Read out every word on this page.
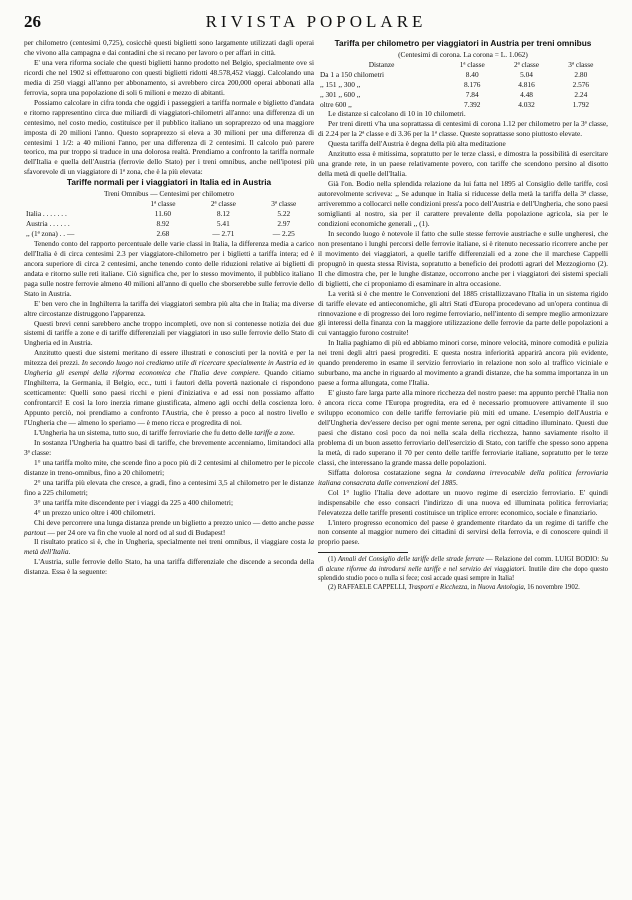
26	RIVISTA POPOLARE

per chilometro (centesimi 0,725), cosicchè questi biglietti sono largamente utilizzati dagli operai che vivono alla campagna e dai contadini che si recano per lavoro o per affari in città.

E' una vera riforma sociale che questi biglietti hanno prodotto nel Belgio, specialmente ove si ricordi che nel 1902 si effettuarono con questi biglietti ridotti 48.578,452 viaggi. Calcolando una media di 250 viaggi all'anno per abbonamento, si avrebbero circa 200,000 operai abbonati alla ferrovia, sopra una popolazione di soli 6 milioni e mezzo di abitanti.

Possiamo calcolare in cifra tonda che oggidì i passeggieri a tariffa normale e biglietto d'andata e ritorno rappresentino circa due miliardi di viaggiatori-chilometri all'anno: una differenza di un centesimo, nel costo medio, costituisce per il pubblico italiano un sopraprezzo od una maggiore imposta di 20 milioni l'anno. Questo sopraprezzo si eleva a 30 milioni per una differenza di centesimi 1 1/2: a 40 milioni l'anno, per una differenza di 2 centesimi. Il calcolo può parere teorico, ma pur troppo si traduce in una dolorosa realtà. Prendiamo a confronto la tariffa normale dell'Italia e quella dell'Austria (ferrovie dello Stato) per i treni omnibus, anche nell'ipotesi più sfavorevole di un viaggiatore di 1ª zona, che è la più elevata:

Tariffe normali per i viaggiatori in Italia ed in Austria
Treni Omnibus — Centesimi per chilometro
	1ª classe	2ª classe	3ª classe
Italia . . . . . . .	11.60	8.12	5.22
Austria . . . . . .	8.92	5.41	2.97
,, (1ª zona) . . —	2.68	— 2.71	— 2.25

Tenendo conto del rapporto percentuale delle varie classi in Italia, la differenza media a carico dell'Italia è di circa centesimi 2.3 per viaggiatore-chilometro per i biglietti a tariffa intera; ed è ancora superiore di circa 2 centesimi, anche tenendo conto delle riduzioni relative ai biglietti di andata e ritorno sulle reti italiane. Ciò significa che, per lo stesso movimento, il pubblico italiano paga sulle nostre ferrovie almeno 40 milioni all'anno di quello che sborserebbe sulle ferrovie dello Stato in Austria.

E' ben vero che in Inghilterra la tariffa dei viaggiatori sembra più alta che in Italia; ma diverse altre circostanze distruggono l'apparenza.

Questi brevi cenni sarebbero anche troppo incompleti, ove non si contenesse notizia dei due sistemi di tariffe a zone e di tariffe differenziali per viaggiatori in uso sulle ferrovie dello Stato di Ungheria ed in Austria.

Anzitutto questi due sistemi meritano di essere illustrati e conosciuti per la novità e per la mitezza dei prezzi. In secondo luogo noi crediamo utile di ricercare specialmente in Austria ed in Ungheria gli esempi della riforma economica che l'Italia deve compiere. Quando citiamo l'Inghilterra, la Germania, il Belgio, ecc., tutti i fautori della povertà nazionale ci rispondono scetticamente: Quelli sono paesi ricchi e pieni d'iniziativa e ad essi non possiamo affatto confrontarci! E così la loro inerzia rimane giustificata, almeno agli occhi della coscienza loro. Appunto perciò, noi prendiamo a confronto l'Austria, che è presso a poco al nostro livello e l'Ungheria che — almeno lo speriamo — è meno ricca e progredita di noi.

L'Ungheria ha un sistema, tutto suo, di tariffe ferroviarie che fu detto delle tariffe a zone.

In sostanza l'Ungheria ha quattro basi di tariffe, che brevemente accenniamo, limitandoci alla 3ª classe:

1° una tariffa molto mite, che scende fino a poco più di 2 centesimi al chilometro per le piccole distanze in treno-omnibus, fino a 20 chilometri;

2° una tariffa più elevata che cresce, a gradi, fino a centesimi 3,5 al chilometro per le distanze fino a 225 chilometri;

3° una tariffa mite discendente per i viaggi da 225 a 400 chilometri;

4° un prezzo unico oltre i 400 chilometri.

Chi deve percorrere una lunga distanza prende un biglietto a prezzo unico — detto anche passe partout — per 24 ore va fin che vuole al nord od al sud di Budapest!

Il risultato pratico si è, che in Ungheria, specialmente nei treni omnibus, il viaggiare costa la metà dell'Italia.

L'Austria, sulle ferrovie dello Stato, ha una tariffa differenziale che discende a seconda della distanza. Essa è la seguente:

Tariffa per chilometro per viaggiatori in Austria per treni omnibus
(Centesimi di corona. La corona = L. 1.062)
Distanze	1ª classe	2ª classe	3ª classe
Da 1 a 150 chilometri	8.40	5.04	2.80
,, 151 ,, 300 ,,	8.176	4.816	2.576
,, 301 ,, 600 ,,	7.84	4.48	2.24
oltre 600 ,,	7.392	4.032	1.792

Le distanze si calcolano di 10 in 10 chilometri.

Per treni diretti v'ha una soprattassa di centesimi di corona 1.12 per chilometro per la 3ª classe, di 2.24 per la 2ª classe e di 3.36 per la 1ª classe. Queste soprattasse sono piuttosto elevate.

Questa tariffa dell'Austria è degna della più alta meditazione

Anzitutto essa è mitissima, sopratutto per le terze classi, e dimostra la possibilità di esercitare una grande rete, in un paese relativamente povero, con tariffe che scendono persino al disotto della metà di quelle dell'Italia.

Già l'on. Bodio nella splendida relazione da lui fatta nel 1895 al Consiglio delle tariffe, così autorevolmente scriveva: ,, Se adunque in Italia si riducesse della metà la tariffa della 3ª classe, arriveremmo a collocarci nelle condizioni press'a poco dell'Austria e dell'Ungheria, che sono paesi somiglianti al nostro, sia per il carattere prevalente della popolazione agricola, sia per le condizioni economiche generali ,, (1).

In secondo luogo è notevole il fatto che sulle stesse ferrovie austriache e sulle ungheresi, che non presentano i lunghi percorsi delle ferrovie italiane, si è ritenuto necessario ricorrere anche per il movimento dei viaggiatori, a quelle tariffe differenziali ed a zone che il marchese Cappelli propugnò in questa stessa Rivista, sopratutto a beneficio dei prodotti agrari del Mezzogiorno (2). Il che dimostra che, per le lunghe distanze, occorrono anche per i viaggiatori dei sistemi speciali di biglietti, che ci proponiamo di esaminare in altra occasione.

La verità si è che mentre le Convenzioni del 1885 cristallizzavano l'Italia in un sistema rigido di tariffe elevate ed antieconomiche, gli altri Stati d'Europa procedevano ad un'opera continua di rinnovazione e di progresso dei loro regime ferroviario, nell'intento di sempre meglio armonizzare gli interessi della finanza con la maggiore utilizzazione delle ferrovie da parte delle popolazioni a cui vantaggio furono costruite!

In Italia paghiamo di più ed abbiamo minori corse, minore velocità, minore comodità e pulizia nei treni degli altri paesi progrediti. E questa nostra inferiorità apparirà ancora più evidente, quando prenderemo in esame il servizio ferroviario in relazione non solo al traffico viciniale e suburbano, ma anche in riguardo al movimento a grandi distanze, che ha somma importanza in un paese a forma allungata, come l'Italia.

E' giusto fare larga parte alla minore ricchezza del nostro paese: ma appunto perchè l'Italia non è ancora ricca come l'Europa progredita, era ed è necessario promuovere attivamente il suo sviluppo economico con delle tariffe ferroviarie più miti ed umane. L'esempio dell'Austria e dell'Ungheria dev'essere deciso per ogni mente serena, per ogni cittadino illuminato. Questi due paesi che distano così poco da noi nella scala della ricchezza, hanno saviamente risolto il problema di un buon assetto ferroviario dell'esercizio di Stato, con tariffe che spesso sono appena la metà, di rado superano il 70 per cento delle tariffe ferroviarie italiane, sopratutto per le terze classi, che interessano la grande massa delle popolazioni.

Siffatta dolorosa costatazione segna la condanna irrevocabile della politica ferroviaria italiana consacrata dalle convenzioni del 1885.

Col 1° luglio l'Italia deve adottare un nuovo regime di esercizio ferroviario. E' quindi indispensabile che esso consacri l'indirizzo di una nuova ed illuminata politica ferroviaria; l'elevatezza delle tariffe presenti costituisce un triplice errore: economico, sociale e finanziario.

L'intero progresso economico del paese è grandemente ritardato da un regime di tariffe che non consente al maggior numero dei cittadini di servirsi della ferrovia, e di conoscere quindi il proprio paese.

(1) Annali del Consiglio delle tariffe delle strade ferrate — Relazione del comm. LUIGI BODIO: Su di alcune riforme da introdursi nelle tariffe e nel servizio dei viaggiatori. Inutile dire che dopo questo splendido studio poco o nulla si fece; così accade quasi sempre in Italia!

(2) RAFFAELE CAPPELLI, Trasporti e Ricchezza, in Nuova Antologia, 16 novembre 1902.
